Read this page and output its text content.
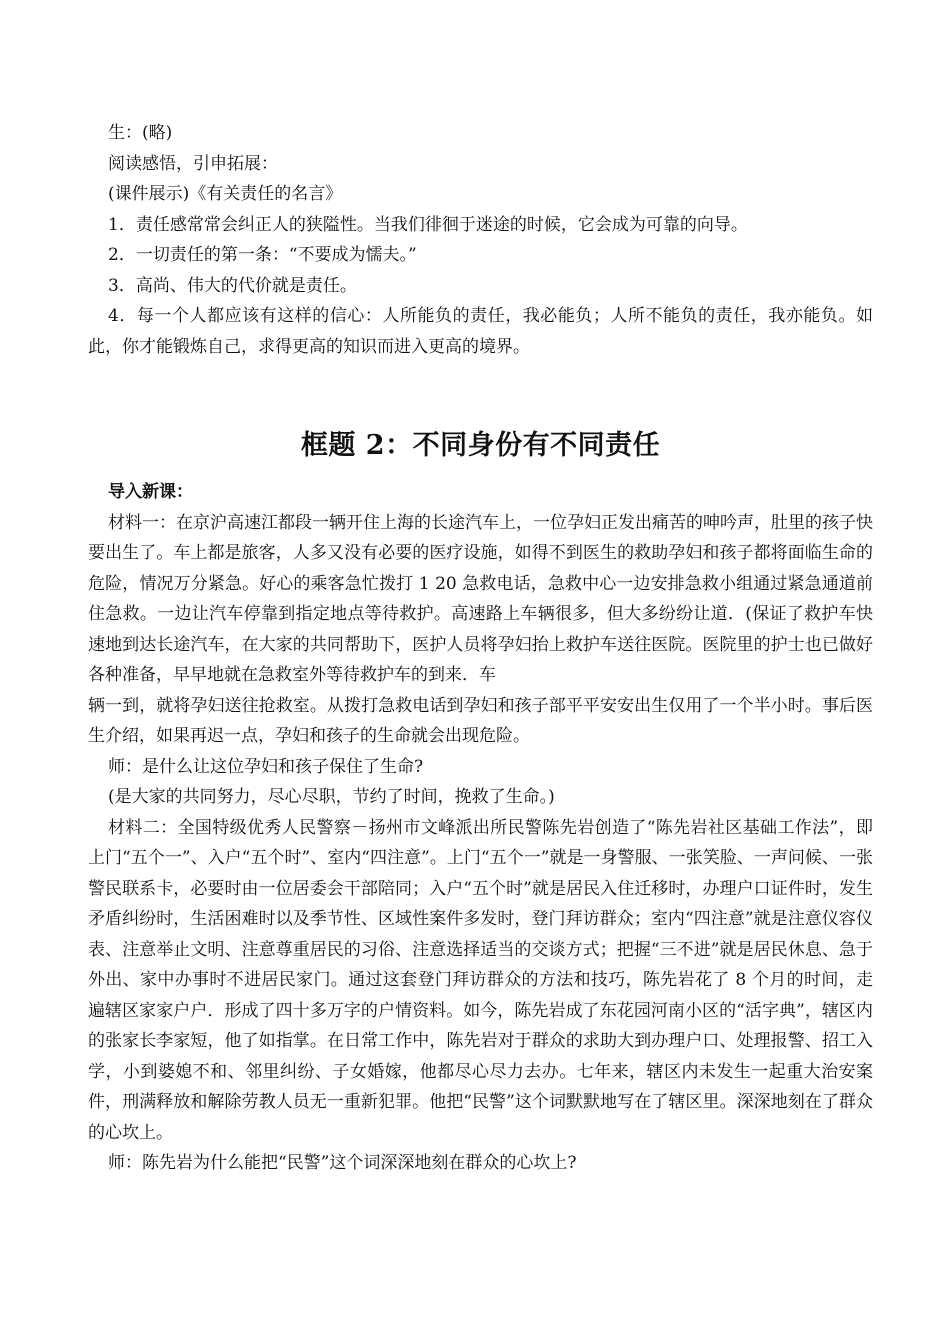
生：(略)

阅读感悟，引申拓展：

(课件展示)《有关责任的名言》

1．责任感常常会纠正人的狭隘性。当我们徘徊于迷途的时候，它会成为可靠的向导。

2．一切责任的第一条：“不要成为懦夫。”

3．高尚、伟大的代价就是责任。

4．每一个人都应该有这样的信心：人所能负的责任，我必能负；人所不能负的责任，我亦能负。如此，你才能锻炼自己，求得更高的知识而进入更高的境界。

框题 2：不同身份有不同责任

导入新课：

材料一：在京沪高速江都段一辆开住上海的长途汽车上，一位孕妇正发出痛苦的呻吟声，肚里的孩子快要出生了。车上都是旅客，人多又没有必要的医疗设施，如得不到医生的救助孕妇和孩子都将面临生命的危险，情况万分紧急。好心的乘客急忙拨打 1 20 急救电话，急救中心一边安排急救小组通过紧急通道前住急救。一边让汽车停靠到指定地点等待救护。高速路上车辆很多，但大多纷纷让道．(保证了救护车快速地到达长途汽车，在大家的共同帮助下，医护人员将孕妇抬上救护车送往医院。医院里的护士也已做好各种准备，早早地就在急救室外等待救护车的到来．车

辆一到，就将孕妇送往抢救室。从拨打急救电话到孕妇和孩子部平平安安出生仅用了一个半小时。事后医生介绍，如果再迟一点，孕妇和孩子的生命就会出现危险。

师：是什么让这位孕妇和孩子保住了生命?

(是大家的共同努力，尽心尽职，节约了时间，挽救了生命。)

材料二：全国特级优秀人民警察－扬州市文峰派出所民警陈先岩创造了“陈先岩社区基础工作法”，即上门“五个一”、入户“五个时”、室内“四注意”。上门“五个一”就是一身警服、一张笑脸、一声问候、一张警民联系卡，必要时由一位居委会干部陪同；入户“五个时”就是居民入住迁移时，办理户口证件时，发生矛盾纠纷时，生活困难时以及季节性、区域性案件多发时，登门拜访群众；室内“四注意”就是注意仪容仪表、注意举止文明、注意尊重居民的习俗、注意选择适当的交谈方式；把握“三不进”就是居民休息、急于外出、家中办事时不进居民家门。通过这套登门拜访群众的方法和技巧，陈先岩花了 8 个月的时间，走遍辖区家家户户．形成了四十多万字的户情资料。如今，陈先岩成了东花园河南小区的“活字典”，辖区内的张家长李家短，他了如指掌。在日常工作中，陈先岩对于群众的求助大到办理户口、处理报警、招工入学，小到婆媳不和、邻里纠纷、子女婚嫁，他都尽心尽力去办。七年来，辖区内未发生一起重大治安案件，刑满释放和解除劳教人员无一重新犯罪。他把“民警”这个词默默地写在了辖区里。深深地刻在了群众的心坎上。

师：陈先岩为什么能把“民警”这个词深深地刻在群众的心坎上?
